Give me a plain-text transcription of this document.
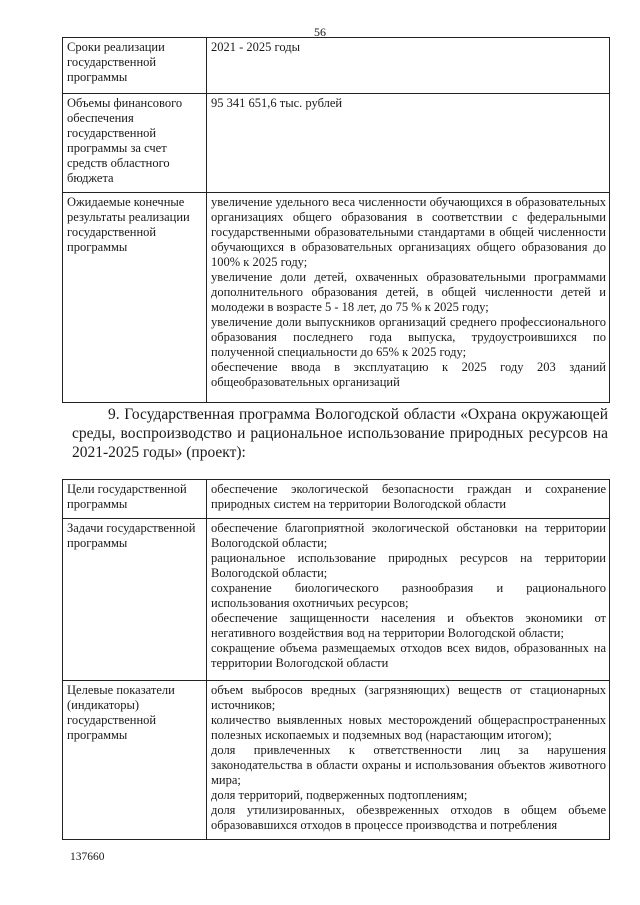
56
Сроки реализации государственной программы	2021 - 2025 годы

Объемы финансового обеспечения государственной программы за счет средств областного бюджета	95 341 651,6 тыс. рублей

Ожидаемые конечные результаты реализации государственной программы	увеличение удельного веса численности обучающихся в образовательных организациях общего образования в соответствии с федеральными государственными образовательными стандартами в общей численности обучающихся в образовательных организациях общего образования до 100% к 2025 году;
увеличение доли детей, охваченных образовательными программами дополнительного образования детей, в общей численности детей и молодежи в возрасте 5 - 18 лет, до 75 % к 2025 году;
увеличение доли выпускников организаций среднего профессионального образования последнего года выпуска, трудоустроившихся по полученной специальности до 65% к 2025 году;
обеспечение ввода в эксплуатацию к 2025 году 203 зданий общеобразовательных организаций
9. Государственная программа Вологодской области «Охрана окружающей среды, воспроизводство и рациональное использование природных ресурсов на 2021-2025 годы» (проект):
Цели государственной программы	обеспечение экологической безопасности граждан и сохранение природных систем на территории Вологодской области

Задачи государственной программы	обеспечение благоприятной экологической обстановки на территории Вологодской области;
рациональное использование природных ресурсов на территории Вологодской области;
сохранение биологического разнообразия и рационального использования охотничьих ресурсов;
обеспечение защищенности населения и объектов экономики от негативного воздействия вод на территории Вологодской области;
сокращение объема размещаемых отходов всех видов, образованных на территории Вологодской области

Целевые показатели (индикаторы) государственной программы	объем выбросов вредных (загрязняющих) веществ от стационарных источников;
количество выявленных новых месторождений общераспространенных полезных ископаемых и подземных вод (нарастающим итогом);
доля привлеченных к ответственности лиц за нарушения законодательства в области охраны и использования объектов животного мира;
доля территорий, подверженных подтоплениям;
доля утилизированных, обезвреженных отходов в общем объеме образовавшихся отходов в процессе производства и потребления
137660
